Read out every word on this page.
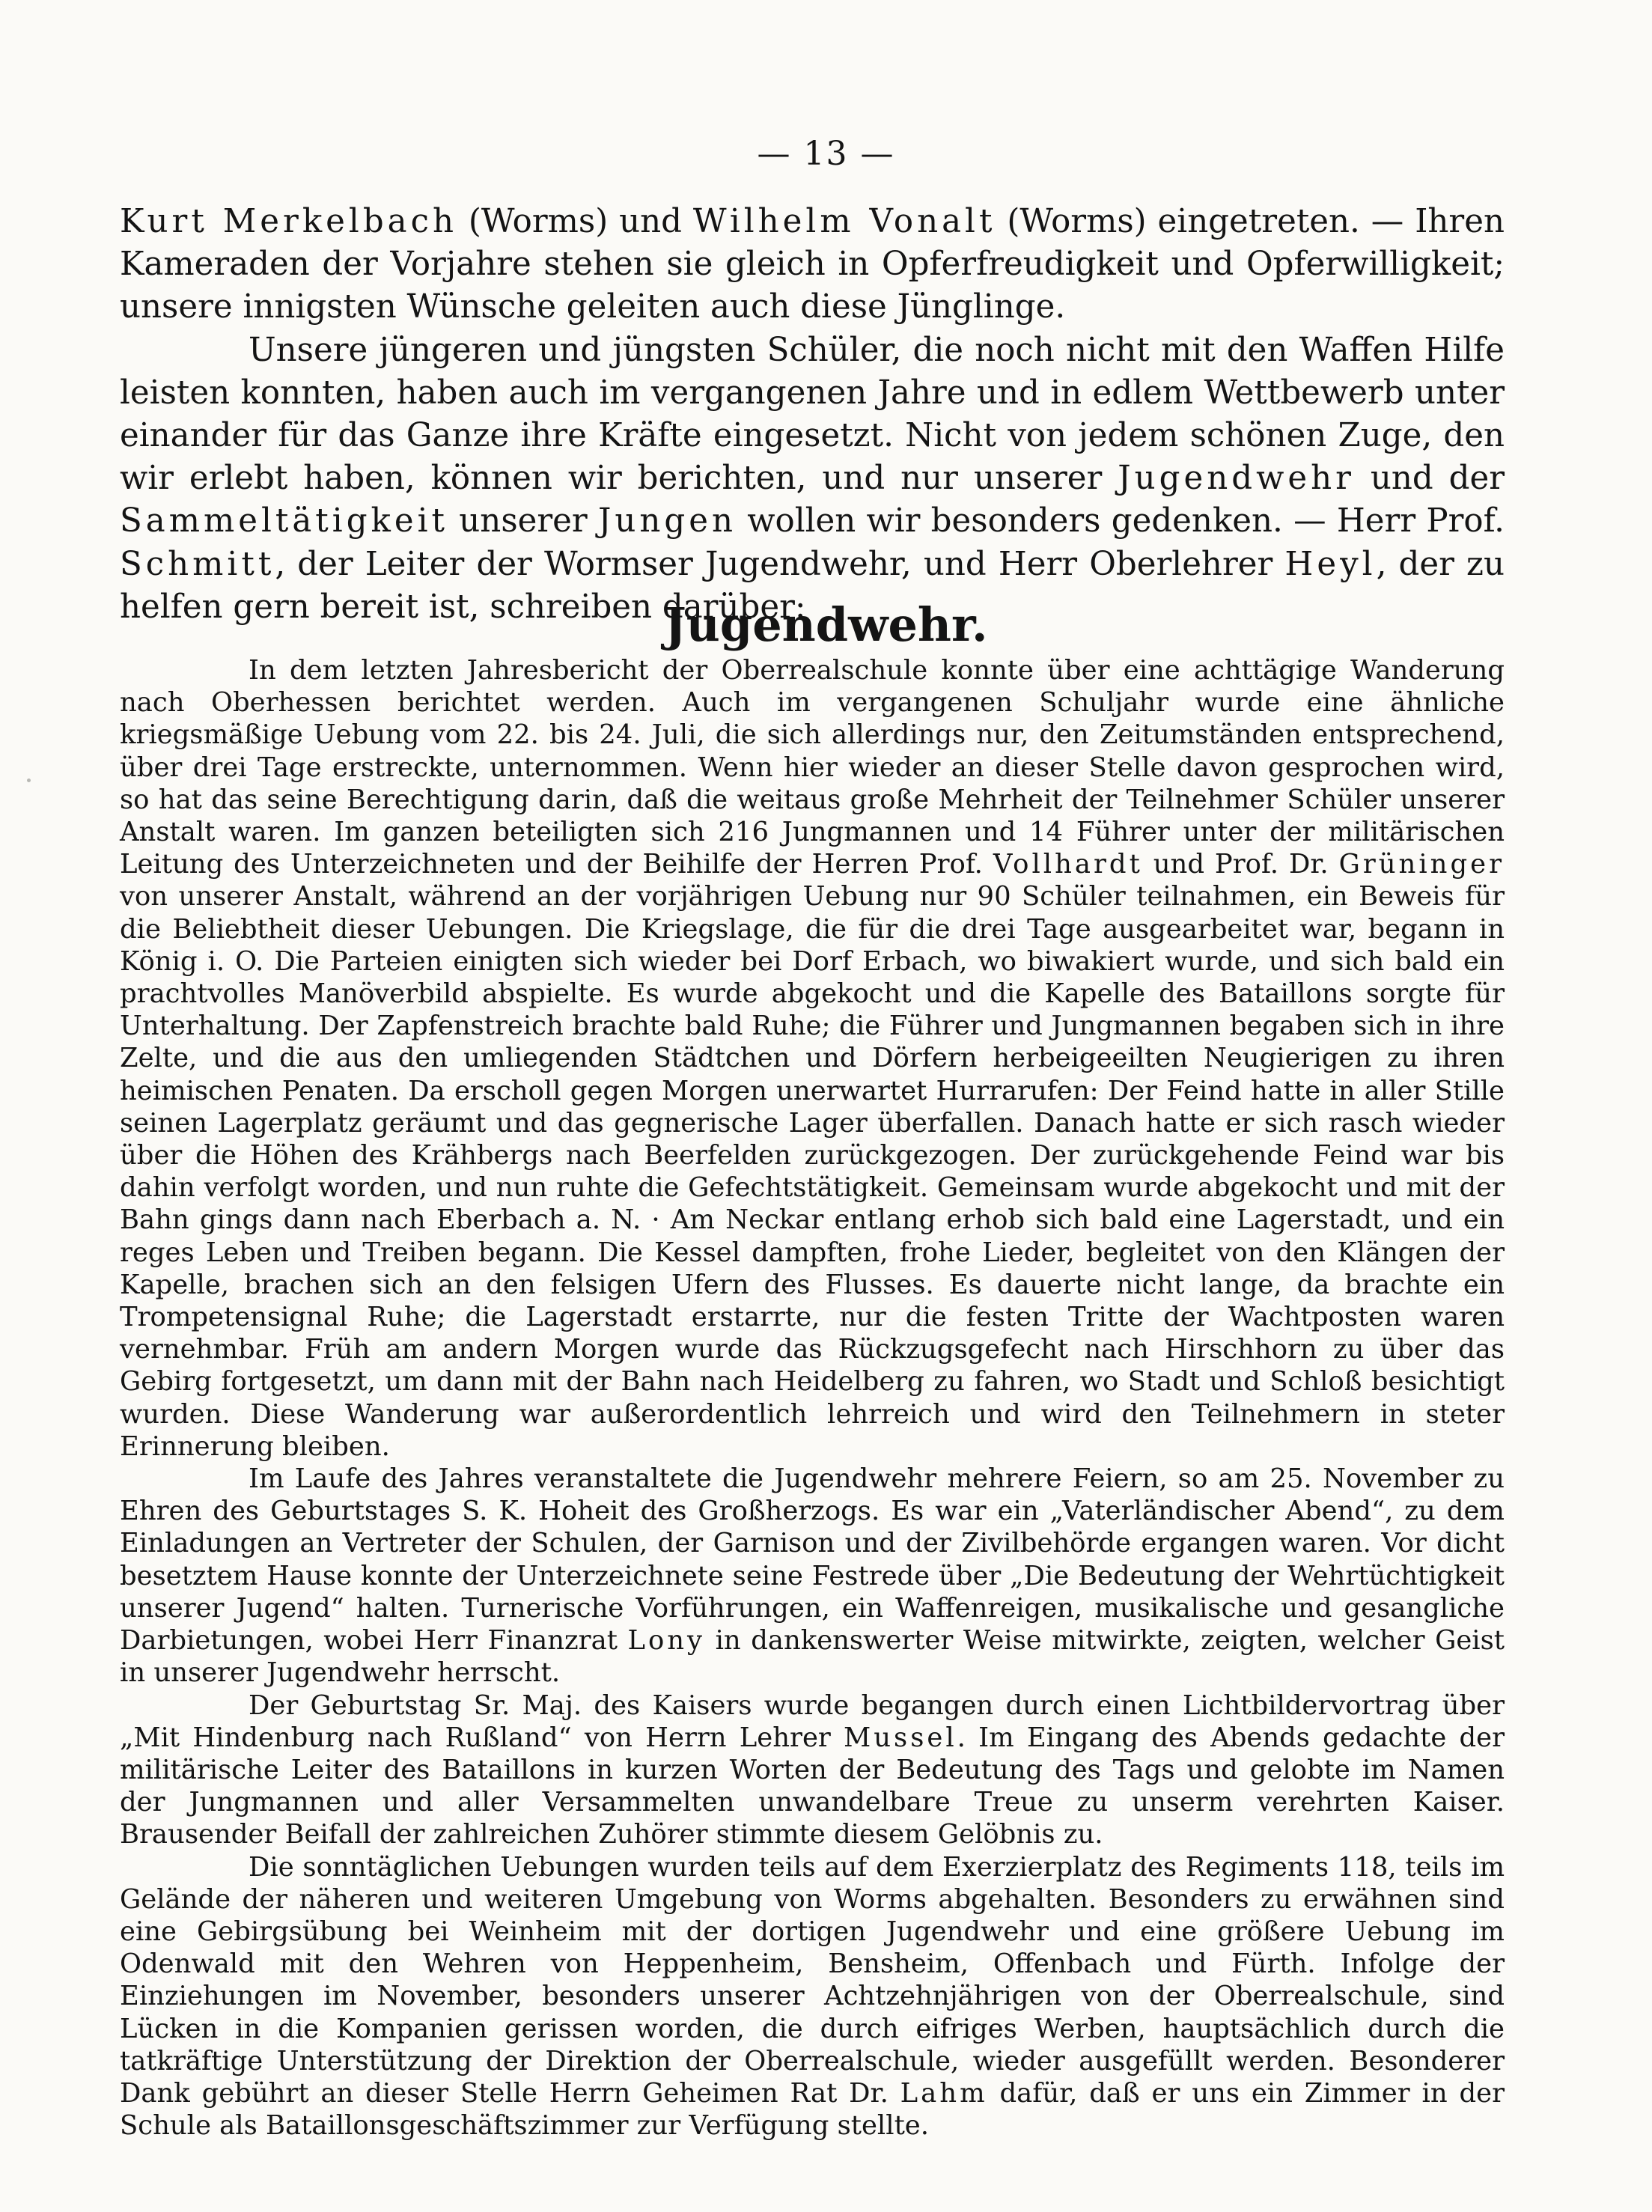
— 13 —

Kurt Merkelbach (Worms) und Wilhelm Vonalt (Worms) eingetreten. — Ihren Kameraden der Vorjahre stehen sie gleich in Opferfreudigkeit und Opferwilligkeit; unsere innigsten Wünsche geleiten auch diese Jünglinge.

Unsere jüngeren und jüngsten Schüler, die noch nicht mit den Waffen Hilfe leisten konnten, haben auch im vergangenen Jahre und in edlem Wettbewerb unter einander für das Ganze ihre Kräfte eingesetzt. Nicht von jedem schönen Zuge, den wir erlebt haben, können wir berichten, und nur unserer Jugendwehr und der Sammeltätigkeit unserer Jungen wollen wir besonders gedenken. — Herr Prof. Schmitt, der Leiter der Wormser Jugendwehr, und Herr Oberlehrer Heyl, der zu helfen gern bereit ist, schreiben darüber:

Jugendwehr.

In dem letzten Jahresbericht der Oberrealschule konnte über eine achttägige Wanderung nach Oberhessen berichtet werden. Auch im vergangenen Schuljahr wurde eine ähnliche kriegsmäßige Uebung vom 22. bis 24. Juli, die sich allerdings nur, den Zeitumständen entsprechend, über drei Tage erstreckte, unternommen. Wenn hier wieder an dieser Stelle davon gesprochen wird, so hat das seine Berechtigung darin, daß die weitaus große Mehrheit der Teilnehmer Schüler unserer Anstalt waren. Im ganzen beteiligten sich 216 Jungmannen und 14 Führer unter der militärischen Leitung des Unterzeichneten und der Beihilfe der Herren Prof. Vollhardt und Prof. Dr. Grüninger von unserer Anstalt, während an der vorjährigen Uebung nur 90 Schüler teilnahmen, ein Beweis für die Beliebtheit dieser Uebungen. Die Kriegslage, die für die drei Tage ausgearbeitet war, begann in König i. O. Die Parteien einigten sich wieder bei Dorf Erbach, wo biwakiert wurde, und sich bald ein prachtvolles Manöverbild abspielte. Es wurde abgekocht und die Kapelle des Bataillons sorgte für Unterhaltung. Der Zapfenstreich brachte bald Ruhe; die Führer und Jungmannen begaben sich in ihre Zelte, und die aus den umliegenden Städtchen und Dörfern herbeigeeilten Neugierigen zu ihren heimischen Penaten. Da erscholl gegen Morgen unerwartet Hurrarufen: Der Feind hatte in aller Stille seinen Lagerplatz geräumt und das gegnerische Lager überfallen. Danach hatte er sich rasch wieder über die Höhen des Krähbergs nach Beerfelden zurückgezogen. Der zurückgehende Feind war bis dahin verfolgt worden, und nun ruhte die Gefechtstätigkeit. Gemeinsam wurde abgekocht und mit der Bahn gings dann nach Eberbach a. N. · Am Neckar entlang erhob sich bald eine Lagerstadt, und ein reges Leben und Treiben begann. Die Kessel dampften, frohe Lieder, begleitet von den Klängen der Kapelle, brachen sich an den felsigen Ufern des Flusses. Es dauerte nicht lange, da brachte ein Trompetensignal Ruhe; die Lagerstadt erstarrte, nur die festen Tritte der Wachtposten waren vernehmbar. Früh am andern Morgen wurde das Rückzugsgefecht nach Hirschhorn zu über das Gebirg fortgesetzt, um dann mit der Bahn nach Heidelberg zu fahren, wo Stadt und Schloß besichtigt wurden. Diese Wanderung war außerordentlich lehrreich und wird den Teilnehmern in steter Erinnerung bleiben.

Im Laufe des Jahres veranstaltete die Jugendwehr mehrere Feiern, so am 25. November zu Ehren des Geburtstages S. K. Hoheit des Großherzogs. Es war ein „Vaterländischer Abend“, zu dem Einladungen an Vertreter der Schulen, der Garnison und der Zivilbehörde ergangen waren. Vor dicht besetztem Hause konnte der Unterzeichnete seine Festrede über „Die Bedeutung der Wehrtüchtigkeit unserer Jugend“ halten. Turnerische Vorführungen, ein Waffenreigen, musikalische und gesangliche Darbietungen, wobei Herr Finanzrat Lony in dankenswerter Weise mitwirkte, zeigten, welcher Geist in unserer Jugendwehr herrscht.

Der Geburtstag Sr. Maj. des Kaisers wurde begangen durch einen Lichtbildervortrag über „Mit Hindenburg nach Rußland“ von Herrn Lehrer Mussel. Im Eingang des Abends gedachte der militärische Leiter des Bataillons in kurzen Worten der Bedeutung des Tags und gelobte im Namen der Jungmannen und aller Versammelten unwandelbare Treue zu unserm verehrten Kaiser. Brausender Beifall der zahlreichen Zuhörer stimmte diesem Gelöbnis zu.

Die sonntäglichen Uebungen wurden teils auf dem Exerzierplatz des Regiments 118, teils im Gelände der näheren und weiteren Umgebung von Worms abgehalten. Besonders zu erwähnen sind eine Gebirgsübung bei Weinheim mit der dortigen Jugendwehr und eine größere Uebung im Odenwald mit den Wehren von Heppenheim, Bensheim, Offenbach und Fürth. Infolge der Einziehungen im November, besonders unserer Achtzehnjährigen von der Oberrealschule, sind Lücken in die Kompanien gerissen worden, die durch eifriges Werben, hauptsächlich durch die tatkräftige Unterstützung der Direktion der Oberrealschule, wieder ausgefüllt werden. Besonderer Dank gebührt an dieser Stelle Herrn Geheimen Rat Dr. Lahm dafür, daß er uns ein Zimmer in der Schule als Bataillonsgeschäftszimmer zur Verfügung stellte.
